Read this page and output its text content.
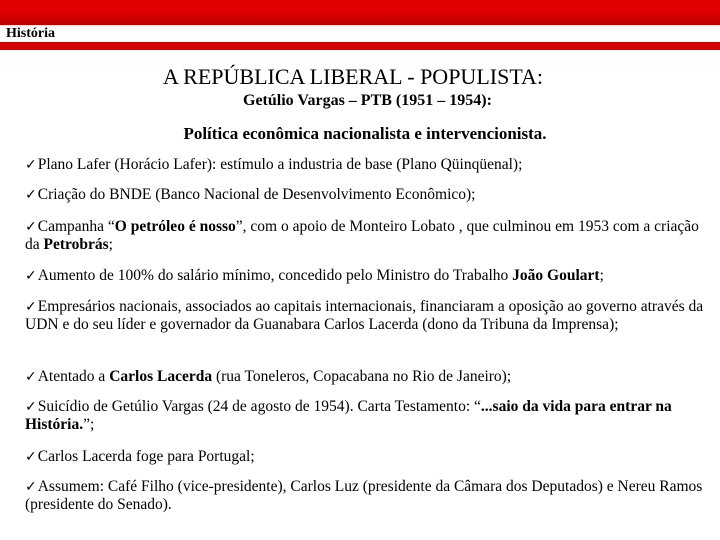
História
A REPÚBLICA LIBERAL - POPULISTA:
Getúlio Vargas – PTB (1951 – 1954):
Política econômica nacionalista e intervencionista.
✓Plano Lafer (Horácio Lafer): estímulo a industria de base (Plano Qüinqüenal);
✓Criação do BNDE (Banco Nacional de Desenvolvimento Econômico);
✓Campanha “O petróleo é nosso”, com o apoio de Monteiro Lobato , que culminou em 1953 com a criação da Petrobrás;
✓Aumento de 100% do salário mínimo, concedido pelo Ministro do Trabalho João Goulart;
✓Empresários nacionais, associados ao capitais internacionais, financiaram a oposição ao governo através da UDN e do seu líder e governador da Guanabara Carlos Lacerda (dono da Tribuna da Imprensa);
✓Atentado a Carlos Lacerda (rua Toneleros, Copacabana no Rio de Janeiro);
✓Suicídio de Getúlio Vargas (24 de agosto de 1954). Carta Testamento: “...saio da vida para entrar na História.”;
✓Carlos Lacerda foge para Portugal;
✓Assumem: Café Filho (vice-presidente), Carlos Luz (presidente da Câmara dos Deputados) e Nereu Ramos (presidente do Senado).
